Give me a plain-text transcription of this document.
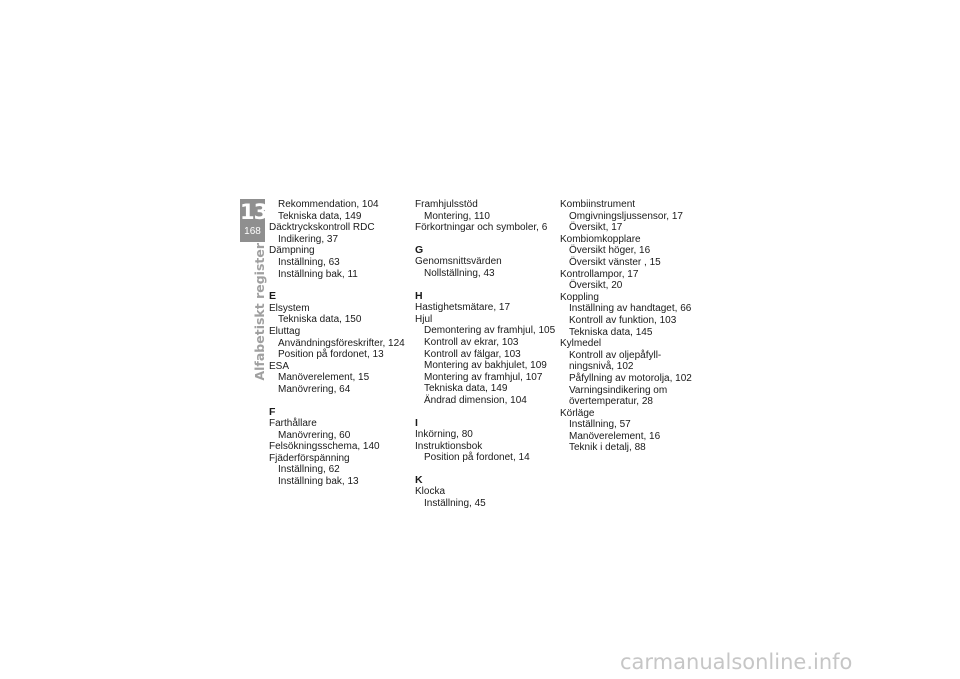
13
168
Alfabetiskt register
Rekommendation, 104
Tekniska data, 149
Däcktryckskontroll RDC
Indikering, 37
Dämpning
Inställning, 63
Inställning bak, 11
E
Elsystem
Tekniska data, 150
Eluttag
Användningsföreskrifter, 124
Position på fordonet, 13
ESA
Manöverelement, 15
Manövrering, 64
F
Farthållare
Manövrering, 60
Felsökningsschema, 140
Fjäderförspänning
Inställning, 62
Inställning bak, 13
Framhjulsstöd
Montering, 110
Förkortningar och symboler, 6
G
Genomsnittsvärden
Nollställning, 43
H
Hastighetsmätare, 17
Hjul
Demontering av framhjul, 105
Kontroll av ekrar, 103
Kontroll av fälgar, 103
Montering av bakhjulet, 109
Montering av framhjul, 107
Tekniska data, 149
Ändrad dimension, 104
I
Inkörning, 80
Instruktionsbok
Position på fordonet, 14
K
Klocka
Inställning, 45
Kombiinstrument
Omgivningsljussensor, 17
Översikt, 17
Kombiomkopplare
Översikt höger, 16
Översikt vänster , 15
Kontrollampor, 17
Översikt, 20
Koppling
Inställning av handtaget, 66
Kontroll av funktion, 103
Tekniska data, 145
Kylmedel
Kontroll av oljepåfyll-
ningsnivå, 102
Påfyllning av motorolja, 102
Varningsindikering om
övertemperatur, 28
Körläge
Inställning, 57
Manöverelement, 16
Teknik i detalj, 88
carmanualsonline.info
